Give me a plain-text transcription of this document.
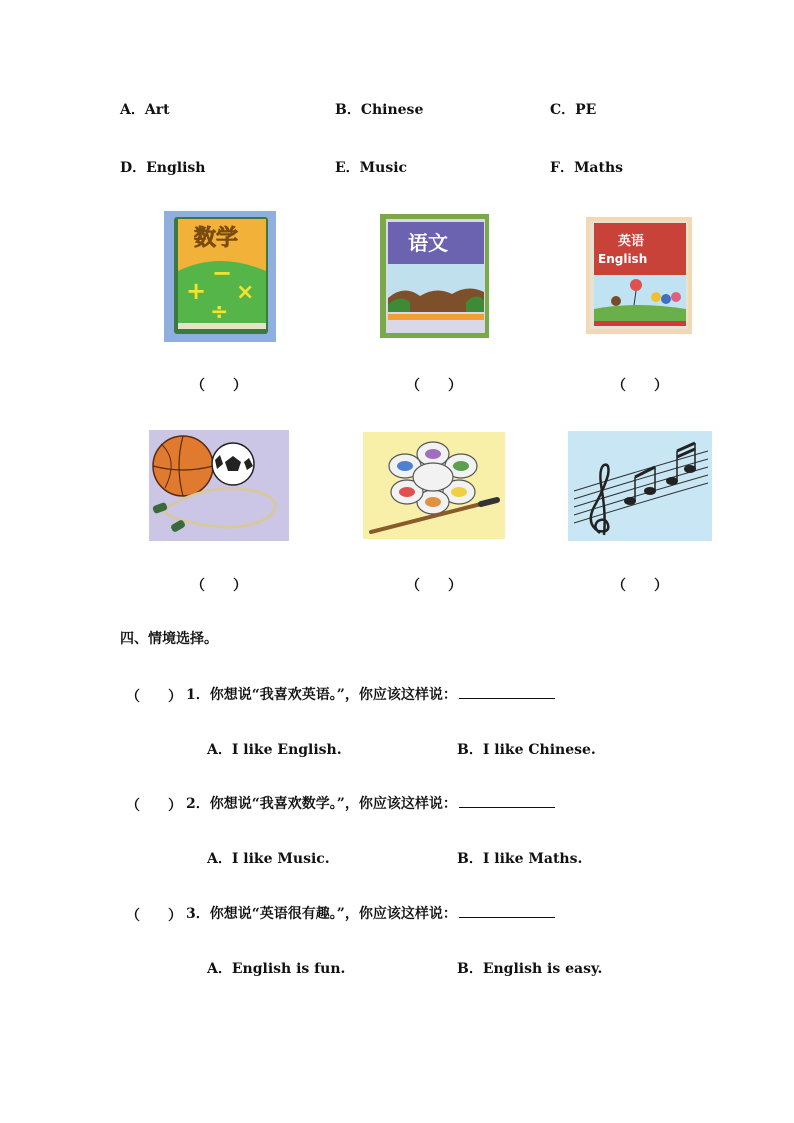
A．Art	B．Chinese	C．PE
D．English	E．Music	F．Maths
数学
+
−
×
÷
语文	英语
English
（　　）	（　　）	（　　）
（　　）	（　　）	（　　）
四、情境选择。
（　　） 1．你想说“我喜欢英语。”，你应该这样说：
A．I like English.	B．I like Chinese.
（　　） 2．你想说“我喜欢数学。”，你应该这样说：
A．I like Music.	B．I like Maths.
（　　） 3．你想说“英语很有趣。”，你应该这样说：
A．English is fun.	B．English is easy.
